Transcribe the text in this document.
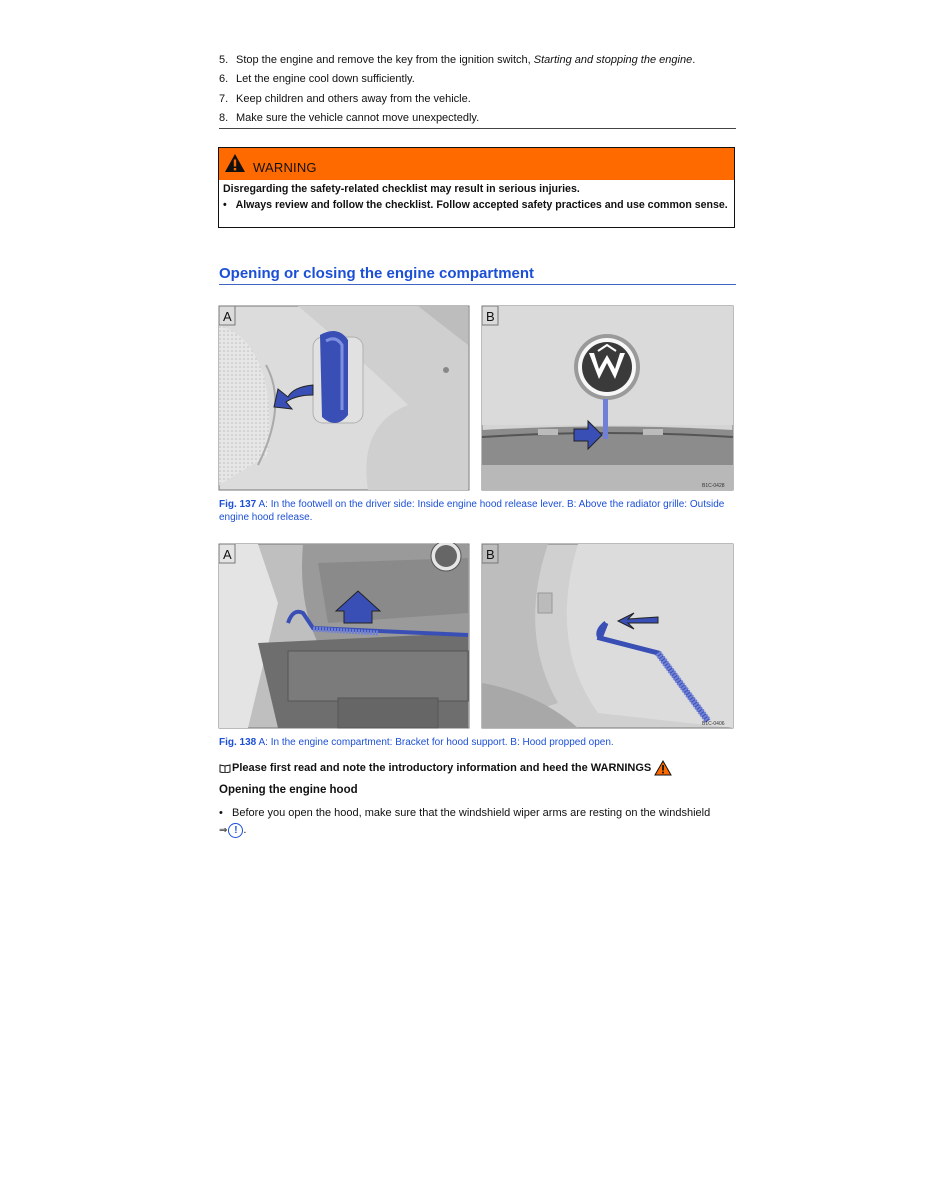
5. Stop the engine and remove the key from the ignition switch, Starting and stopping the engine.
6. Let the engine cool down sufficiently.
7. Keep children and others away from the vehicle.
8. Make sure the vehicle cannot move unexpectedly.
WARNING
Disregarding the safety-related checklist may result in serious injuries.
• Always review and follow the checklist. Follow accepted safety practices and use common sense.
Opening or closing the engine compartment
A	B
B1C-0428
Fig. 137 A: In the footwell on the driver side: Inside engine hood release lever. B: Above the radiator grille: Outside engine hood release.
A	B
B1C-0406
Fig. 138 A: In the engine compartment: Bracket for hood support. B: Hood propped open.
Please first read and note the introductory information and heed the WARNINGS
Opening the engine hood
• Before you open the hood, make sure that the windshield wiper arms are resting on the windshield
⇒ ! .
